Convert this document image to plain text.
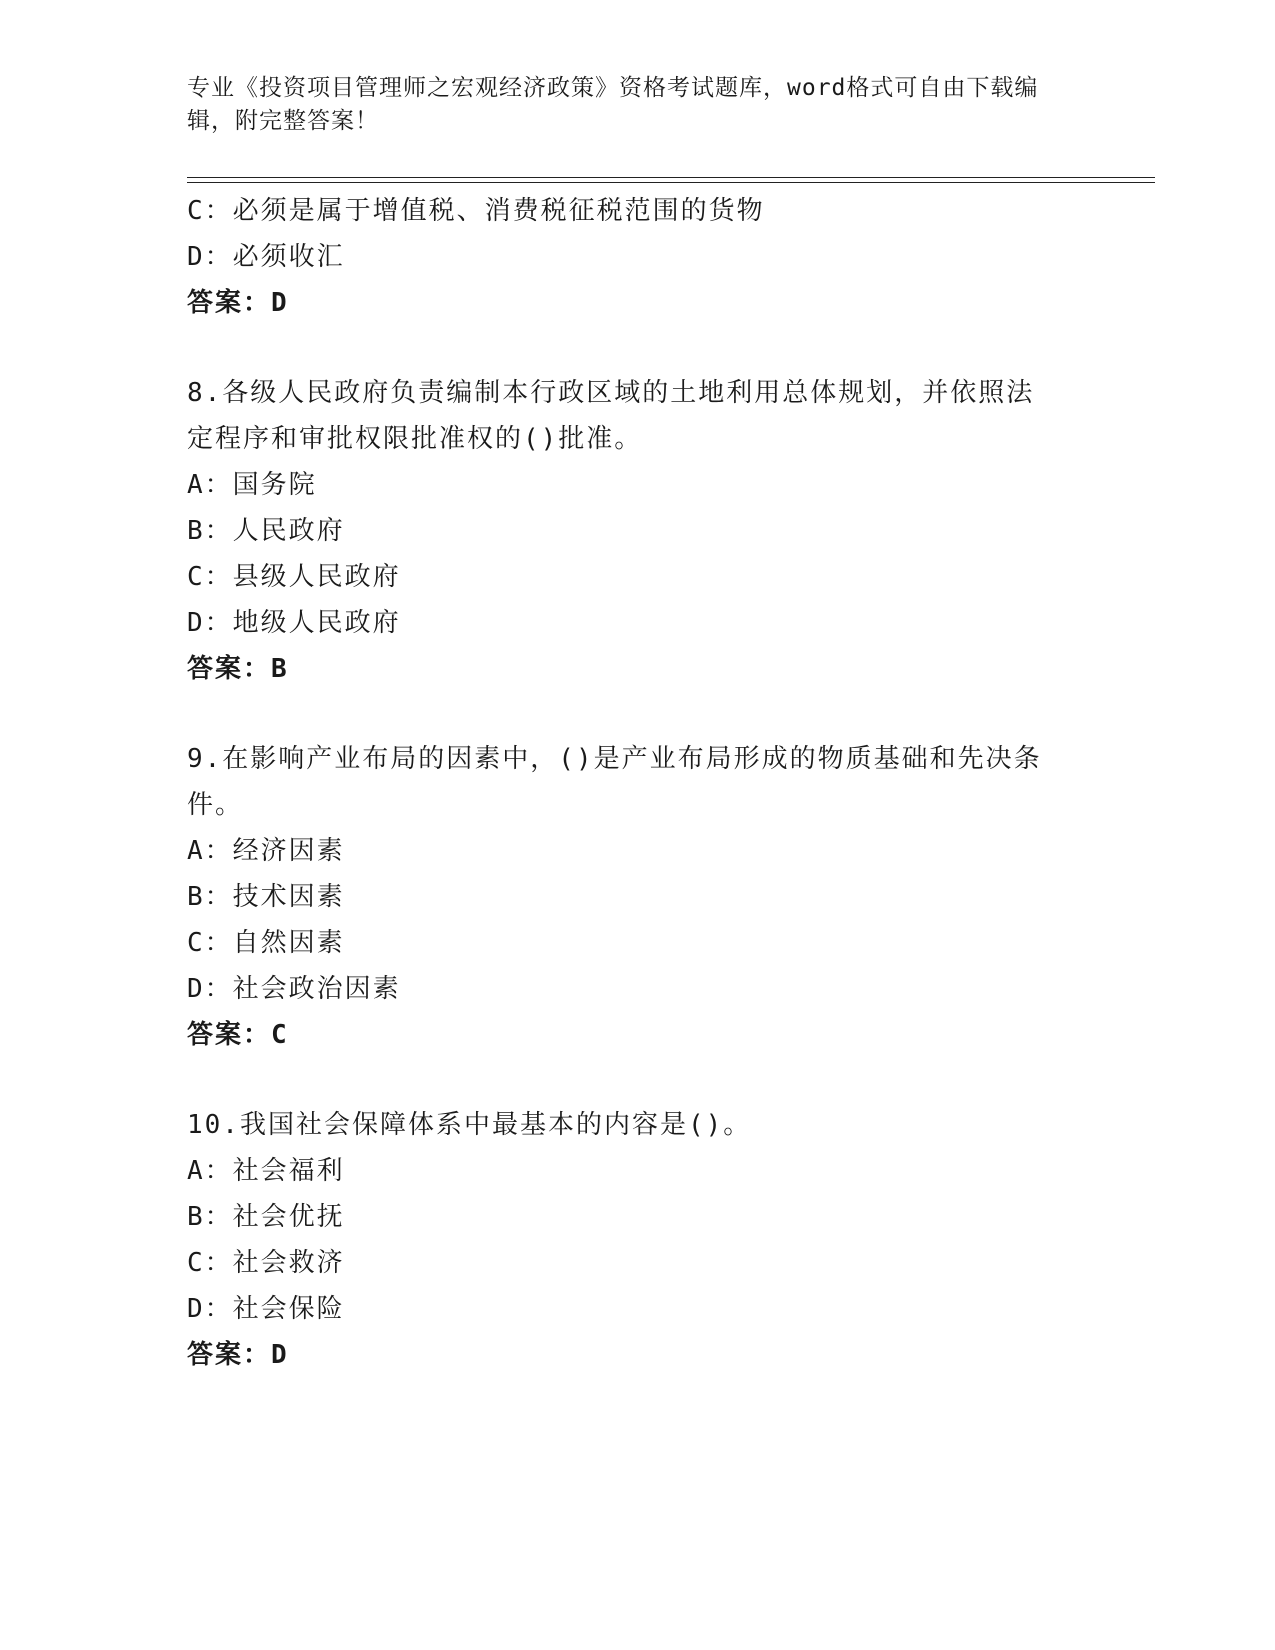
专业《投资项目管理师之宏观经济政策》资格考试题库，word格式可自由下载编辑，附完整答案！
C：必须是属于增值税、消费税征税范围的货物
D：必须收汇
答案：D
8.各级人民政府负责编制本行政区域的土地利用总体规划，并依照法定程序和审批权限批准权的()批准。
A：国务院
B：人民政府
C：县级人民政府
D：地级人民政府
答案：B
9.在影响产业布局的因素中，()是产业布局形成的物质基础和先决条件。
A：经济因素
B：技术因素
C：自然因素
D：社会政治因素
答案：C
10.我国社会保障体系中最基本的内容是()。
A：社会福利
B：社会优抚
C：社会救济
D：社会保险
答案：D
